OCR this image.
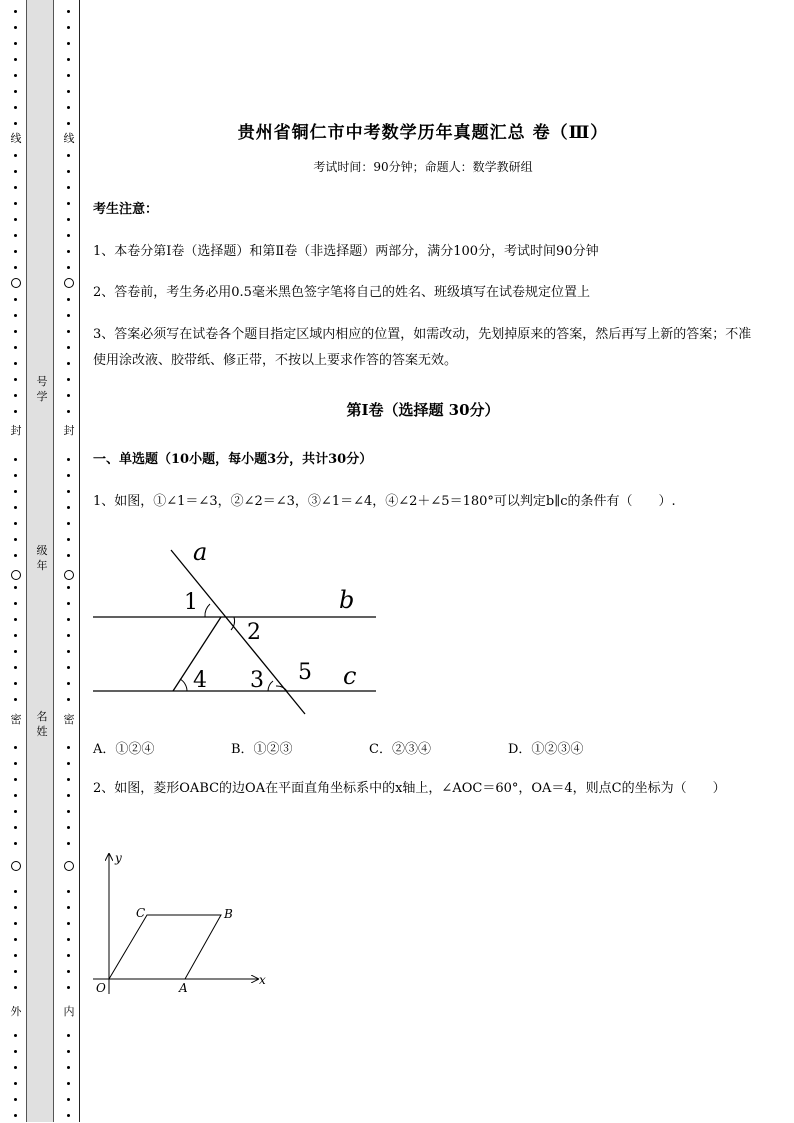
线
封
密
外
线
封
密
内
号学
级年
名姓
贵州省铜仁市中考数学历年真题汇总 卷（Ⅲ）
考试时间：90分钟；命题人：数学教研组
考生注意：
1、本卷分第Ⅰ卷（选择题）和第Ⅱ卷（非选择题）两部分，满分100分，考试时间90分钟
2、答卷前，考生务必用0.5毫米黑色签字笔将自己的姓名、班级填写在试卷规定位置上
3、答案必须写在试卷各个题目指定区域内相应的位置，如需改动，先划掉原来的答案，然后再写上新的答案；不准使用涂改液、胶带纸、修正带，不按以上要求作答的答案无效。
第Ⅰ卷（选择题 30分）
一、单选题（10小题，每小题3分，共计30分）
1、如图，①∠1＝∠3，②∠2＝∠3，③∠1＝∠4，④∠2＋∠5＝180°可以判定b∥c的条件有（　　）.
a
b
c
1
2
3
4	5
A．①②④	B．①②③	C．②③④	D．①②③④
2、如图，菱形OABC的边OA在平面直角坐标系中的x轴上，∠AOC＝60°，OA＝4，则点C的坐标为（　　）
y
x
O	A
B
C
